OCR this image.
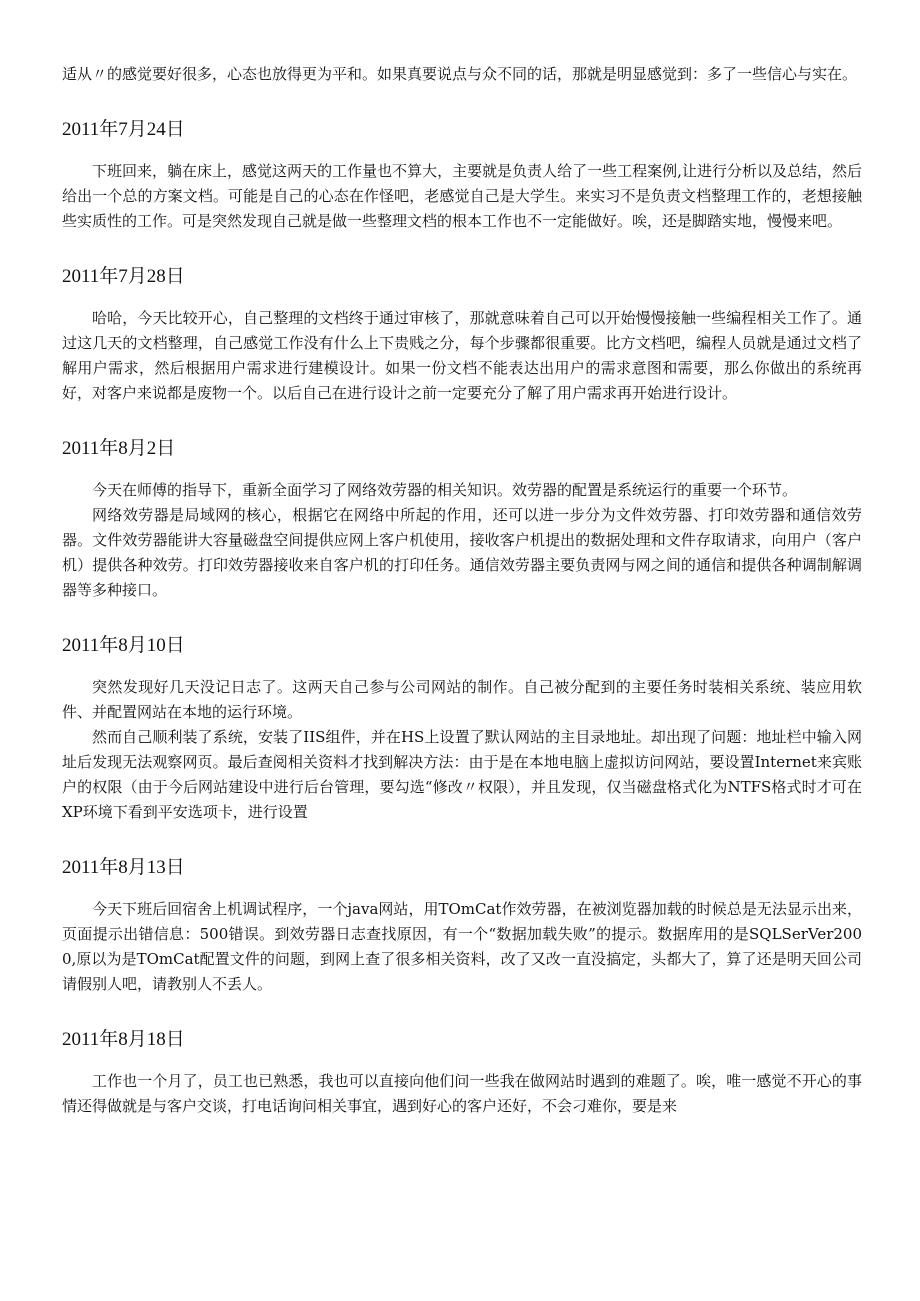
适从〃的感觉要好很多，心态也放得更为平和。如果真要说点与众不同的话，那就是明显感觉到：多了一些信心与实在。

2011年7月24日

下班回来，躺在床上，感觉这两天的工作量也不算大，主要就是负责人给了一些工程案例,让进行分析以及总结，然后给出一个总的方案文档。可能是自己的心态在作怪吧，老感觉自己是大学生。来实习不是负责文档整理工作的，老想接触些实质性的工作。可是突然发现自己就是做一些整理文档的根本工作也不一定能做好。唉，还是脚踏实地，慢慢来吧。

2011年7月28日

哈哈，今天比较开心，自己整理的文档终于通过审核了，那就意味着自己可以开始慢慢接触一些编程相关工作了。通过这几天的文档整理，自己感觉工作没有什么上下贵贱之分，每个步骤都很重要。比方文档吧，编程人员就是通过文档了解用户需求，然后根据用户需求进行建模设计。如果一份文档不能表达出用户的需求意图和需要，那么你做出的系统再好，对客户来说都是废物一个。以后自己在进行设计之前一定要充分了解了用户需求再开始进行设计。

2011年8月2日

今天在师傅的指导下，重新全面学习了网络效劳器的相关知识。效劳器的配置是系统运行的重要一个环节。

网络效劳器是局域网的核心，根据它在网络中所起的作用，还可以进一步分为文件效劳器、打印效劳器和通信效劳器。文件效劳器能讲大容量磁盘空间提供应网上客户机使用，接收客户机提出的数据处理和文件存取请求，向用户（客户机）提供各种效劳。打印效劳器接收来自客户机的打印任务。通信效劳器主要负责网与网之间的通信和提供各种调制解调器等多种接口。

2011年8月10日

突然发现好几天没记日志了。这两天自己参与公司网站的制作。自己被分配到的主要任务时装相关系统、装应用软件、并配置网站在本地的运行环境。

然而自己顺利装了系统，安装了IIS组件，并在HS上设置了默认网站的主目录地址。却出现了问题：地址栏中输入网址后发现无法观察网页。最后查阅相关资料才找到解决方法：由于是在本地电脑上虚拟访问网站，要设置Internet来宾账户的权限（由于今后网站建设中进行后台管理，要勾选“修改〃权限），并且发现，仅当磁盘格式化为NTFS格式时才可在XP环境下看到平安选项卡，进行设置

2011年8月13日

今天下班后回宿舍上机调试程序，一个java网站，用TOmCat作效劳器，在被浏览器加载的时候总是无法显示出来，页面提示出错信息：500错误。到效劳器日志查找原因，有一个“数据加载失败”的提示。数据库用的是SQLSerVer2000,原以为是TOmCat配置文件的问题，到网上查了很多相关资料，改了又改一直没搞定，头都大了，算了还是明天回公司请假别人吧，请教别人不丢人。

2011年8月18日

工作也一个月了，员工也已熟悉，我也可以直接向他们问一些我在做网站时遇到的难题了。唉，唯一感觉不开心的事情还得做就是与客户交谈，打电话询问相关事宜，遇到好心的客户还好，不会刁难你，要是来
